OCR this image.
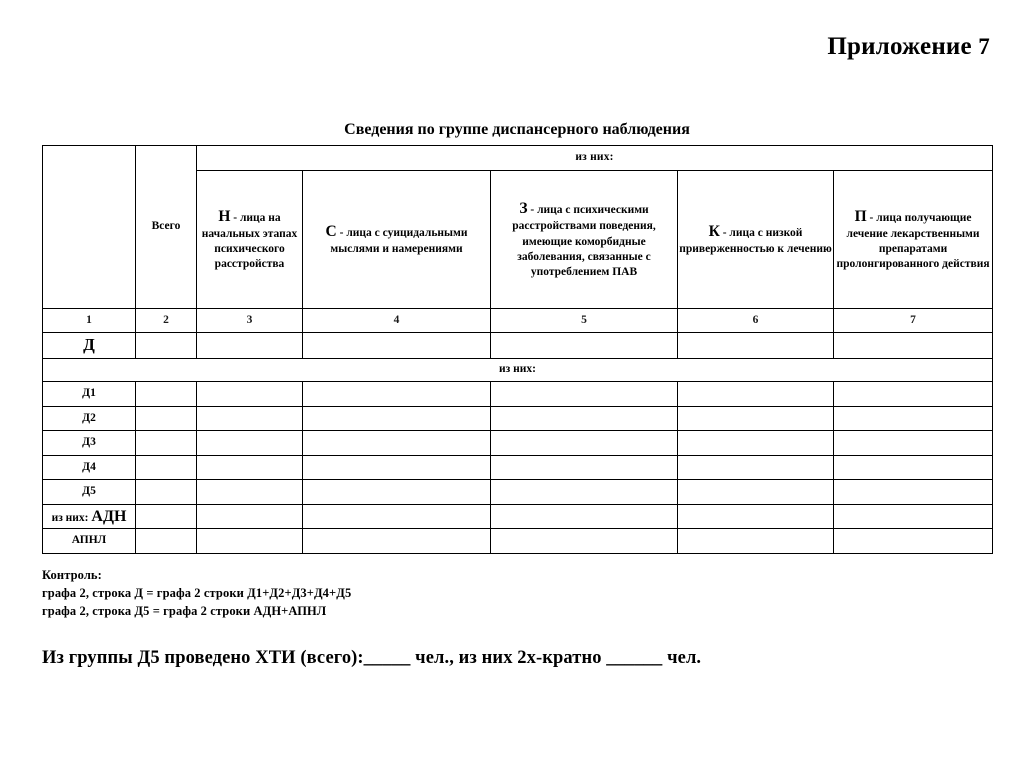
Приложение 7
Сведения по группе диспансерного наблюдения
	Всего	из них:				
		Н - лица на начальных этапах психического расстройства	С - лица с суицидальными мыслями и намерениями	З - лица с психическими расстройствами поведения, имеющие коморбидные заболевания, связанные с употреблением ПАВ	К - лица с низкой приверженностью к лечению	П - лица получающие лечение лекарственными препаратами пролонгированного действия
1	2	3	4	5	6	7
Д						
из них:						
Д1						
Д2						
Д3						
Д4						
Д5						
из них: АДН						
АПНЛ						
Контроль:
графа 2, строка Д = графа 2 строки Д1+Д2+Д3+Д4+Д5
графа 2, строка Д5 = графа 2 строки АДН+АПНЛ
Из группы Д5 проведено ХТИ (всего):_____ чел., из них 2х-кратно ______ чел.
